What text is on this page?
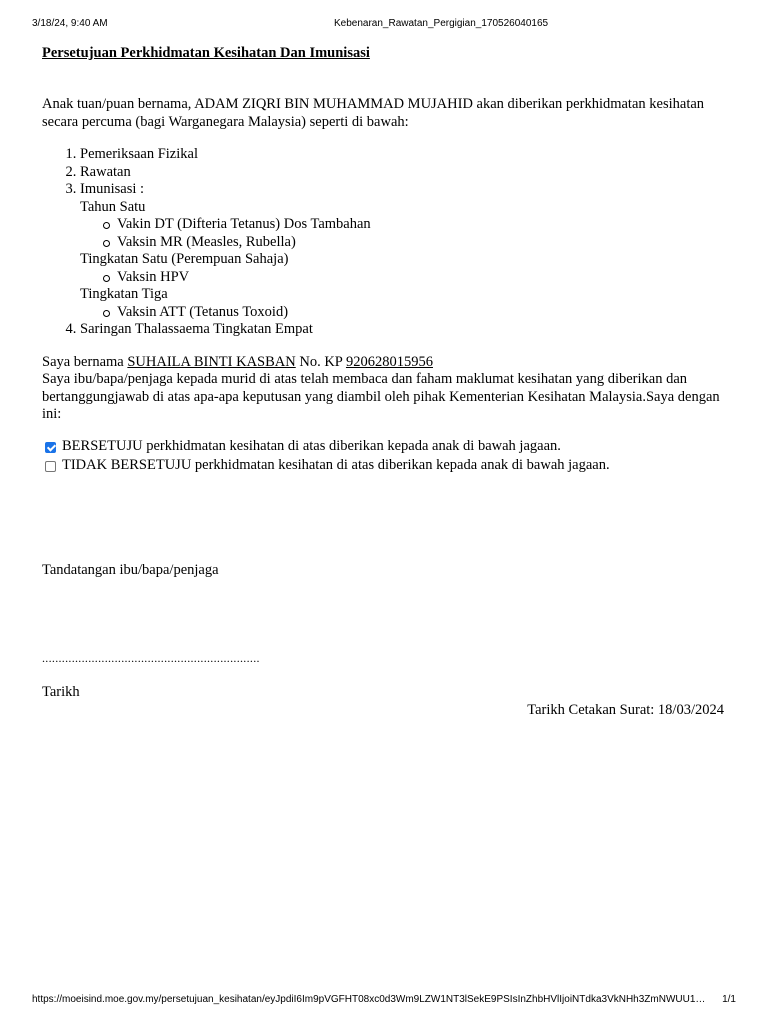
3/18/24, 9:40 AM	Kebenaran_Rawatan_Pergigian_170526040165

Persetujuan Perkhidmatan Kesihatan Dan Imunisasi

Anak tuan/puan bernama, ADAM ZIQRI BIN MUHAMMAD MUJAHID akan diberikan perkhidmatan kesihatan secara percuma (bagi Warganegara Malaysia) seperti di bawah:

1. Pemeriksaan Fizikal
2. Rawatan
3. Imunisasi :
Tahun Satu
Vakin DT (Difteria Tetanus) Dos Tambahan
Vaksin MR (Measles, Rubella)
Tingkatan Satu (Perempuan Sahaja)
Vaksin HPV
Tingkatan Tiga
Vaksin ATT (Tetanus Toxoid)
4. Saringan Thalassaema Tingkatan Empat

Saya bernama SUHAILA BINTI KASBAN No. KP 920628015956
Saya ibu/bapa/penjaga kepada murid di atas telah membaca dan faham maklumat kesihatan yang diberikan dan bertanggungjawab di atas apa-apa keputusan yang diambil oleh pihak Kementerian Kesihatan Malaysia.Saya dengan ini:

BERSETUJU perkhidmatan kesihatan di atas diberikan kepada anak di bawah jagaan.
TIDAK BERSETUJU perkhidmatan kesihatan di atas diberikan kepada anak di bawah jagaan.
Tandatangan ibu/bapa/penjaga
..................................................................
Tarikh
Tarikh Cetakan Surat: 18/03/2024
https://moeisind.moe.gov.my/persetujuan_kesihatan/eyJpdiI6Im9pVGFHT08xc0d3Wm9LZW1NT3lSekE9PSIsInZhbHVlIjoiNTdka3VkNHh3ZmNWUU1…	1/1
